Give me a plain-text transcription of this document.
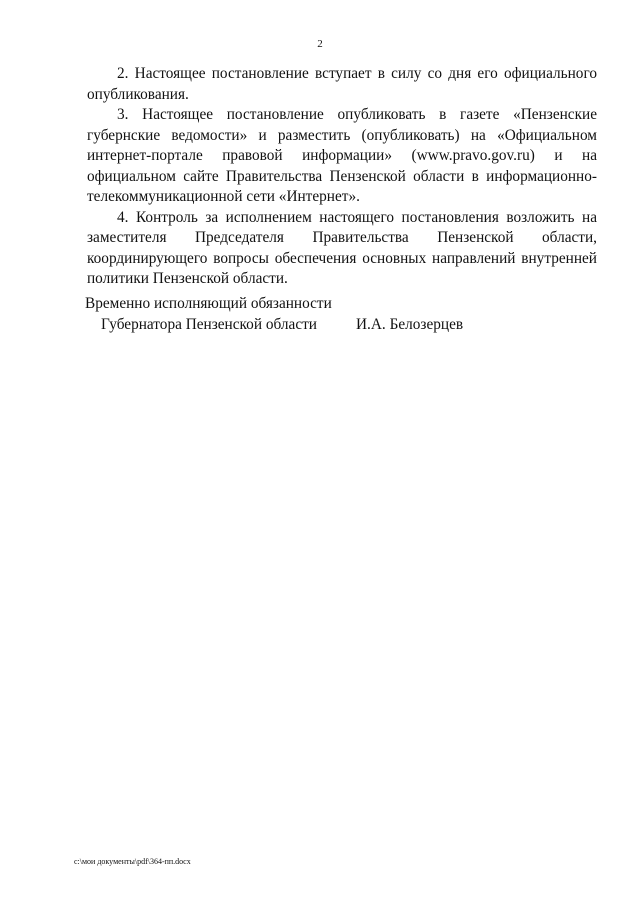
2

2. Настоящее постановление вступает в силу со дня его официального опубликования.

3. Настоящее постановление опубликовать в газете «Пензенские губернские ведомости» и разместить (опубликовать) на «Официальном интернет-портале правовой информации» (www.pravo.gov.ru) и на официальном сайте Правительства Пензенской области в информационно-телекоммуникационной сети «Интернет».

4. Контроль за исполнением настоящего постановления возложить на заместителя Председателя Правительства Пензенской области, координирующего вопросы обеспечения основных направлений внутренней политики Пензенской области.

Временно исполняющий обязанности
Губернатора Пензенской области	И.А. Белозерцев
c:\мои документы\pdf\364-пп.docx
